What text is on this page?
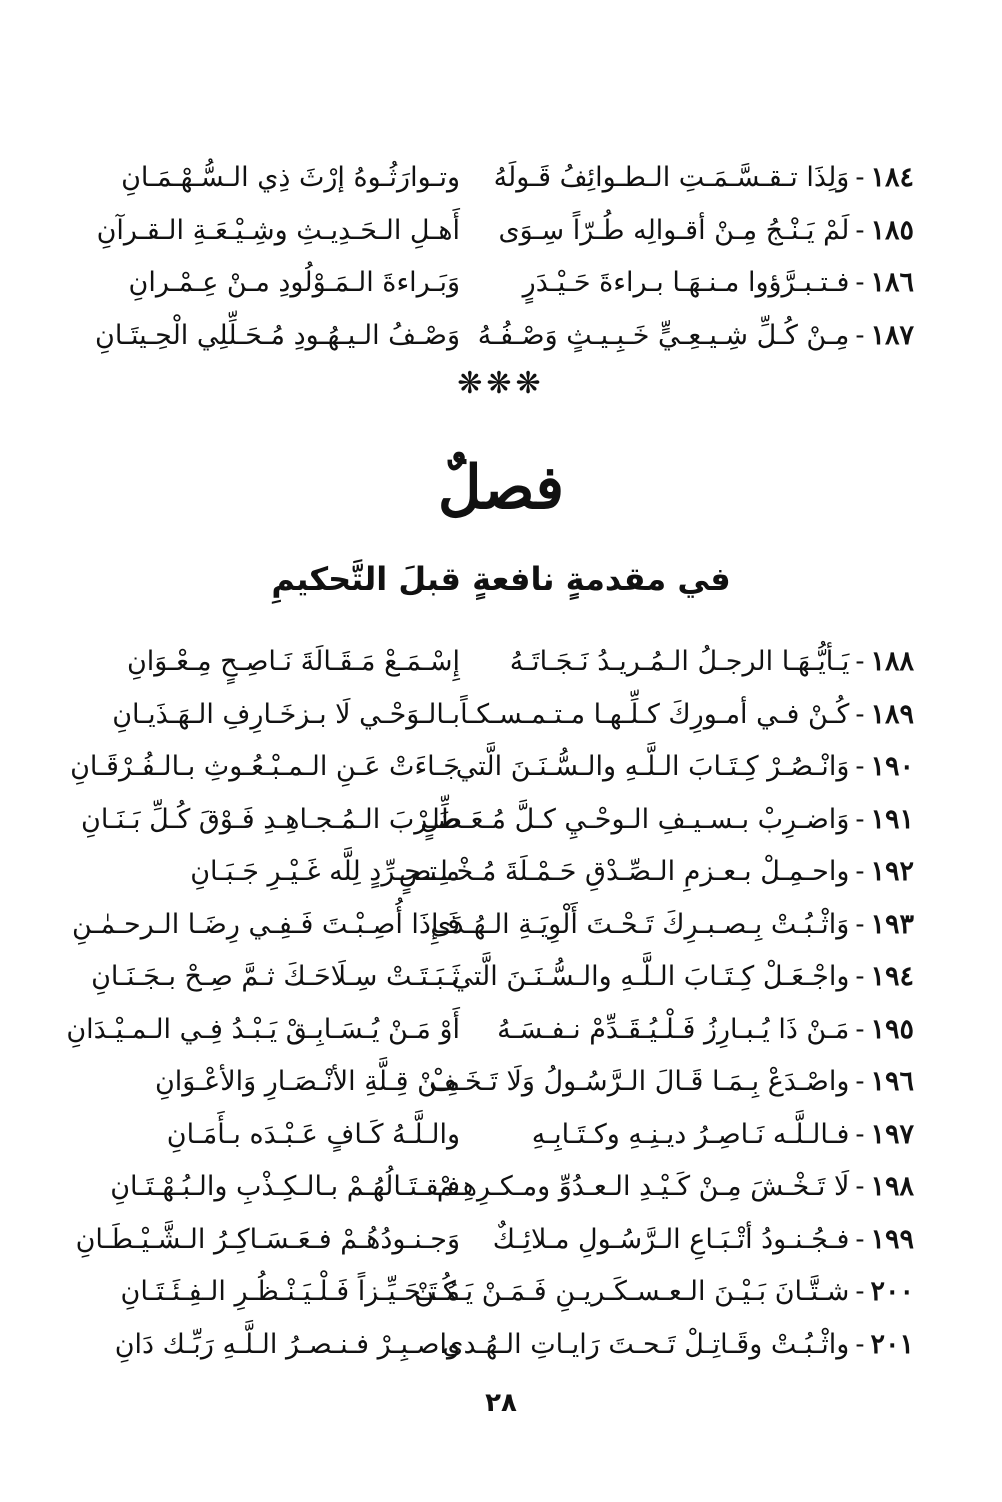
١٨٤
-
وَلِذَا تـقـسَّـمَـتِ الـطـوائِفُ قَـولَهُ
وتـوارَثُـوهُ إرْثَ ذِي الـسُّـهْـمَـانِ
١٨٥
-
لَمْ يَـنْـجُ مِـنْ أقـوالِه طُـرّاً سِـوَى
أَهـلِ الـحَـدِيـثِ وشِـيْـعَـةِ الـقـرآنِ
١٨٦
-
فـتـبـرَّؤوا مـنـهَـا بـراءةَ حَـيْـدَرٍ
وَبَـراءةَ الـمَـوْلُودِ مـنْ عِـمْـرانِ
١٨٧
-
مِـنْ كُـلِّ شِـيـعِـيٍّ خَـبِـيـثٍ وَصْـفُـهُ
وَصْـفُ الـيـهُـودِ مُـحَـلِّلِي الْحِـيتَـانِ
❋❋❋
فصلٌ
في مقدمةٍ نافعةٍ قبلَ التَّحكيمِ
١٨٨
-
يَـأيُّـهَـا الرجـلُ الـمُـريـدُ نَـجَـاتَـهُ
إِسْـمَـعْ مَـقَـالَةَ نَـاصِـحٍ مِـعْـوَانِ
١٨٩
-
كُـنْ فـي أمـورِكَ كـلِّـهـا مـتـمـسـكـاً
بـالـوَحْـي لَا بـزخَـارِفِ الـهَـذَيـانِ
١٩٠
-
وَانْـصُـرْ كِـتَـابَ الـلَّـهِ والـسُّـنَـنَ الَّتي
جَـاءَتْ عَـنِ الـمـبْـعُـوثِ بـالـفُـرْقَـانِ
١٩١
-
وَاضـرِبْ بـسـيـفِ الـوحْـيِ كـلَّ مُـعَـطِّلٍ
ضَـرْبَ الـمُـجـاهِـدِ فَـوْقَ كُـلِّ بَـنَـانِ
١٩٢
-
واحـمِـلْ بـعـزمِ الـصِّـدْقِ حَـمْـلَةَ مُـخْـلِـصٍ
مـتـجـرِّدٍ لِلَّه غَـيْـرِ جَـبَـانِ
١٩٣
-
وَاثْـبُـتْ بِـصـبـرِكَ تَـحْـتَ أَلْوِيَـةِ الـهُـدَى
فَـإِذَا أُصِـبْـتَ فَـفِـي رِضَـا الـرحـمٰـنِ
١٩٤
-
واجْـعَـلْ كِـتَـابَ الـلَّـهِ والـسُّـنَـنَ الَّتي
ثَـبَـتَـتْ سِـلَاحَـكَ ثـمَّ صِـحْ بـجَـنَـانِ
١٩٥
-
مَـنْ ذَا يُـبـارِزُ فَـلْـيُـقَـدِّمْ نـفـسَـهُ
أَوْ مَـنْ يُـسَـابِـقْ يَـبْـدُ فِـي الـمـيْـدَانِ
١٩٦
-
واصْـدَعْ بِـمَـا قَـالَ الـرَّسُـولُ وَلَا تَـخَـفْ
مِـنْ قِـلَّةِ الأنْـصَـارِ وَالأعْـوَانِ
١٩٧
-
فـالـلَّـه نَـاصِـرُ ديـنِـهِ وكـتَـابِـهِ
والـلَّـهُ كَـافٍ عَـبْـدَه بـأَمَـانِ
١٩٨
-
لَا تَـخْـشَ مِـنْ كَـيْـدِ الـعـدُوِّ ومـكـرِهِـمْ
فـقـتَـالُهُـمْ بـالـكِـذْبِ والـبُـهْـتَـانِ
١٩٩
-
فـجُـنـودُ أتْـبَـاعِ الـرَّسُـولِ مـلائِـكٌ
وَجـنـودُهُـمْ فـعَـسَـاكِـرُ الـشَّـيْـطَـانِ
٢٠٠
-
شـتَّـانَ بَـيْـنَ الـعـسـكَـريـنِ فَـمَـنْ يَـكُـنْ
مُـتَـحَـيِّـزاً فَـلْـيَـنْـظُـرِ الـفِـئَـتَـانِ
٢٠١
-
واثْـبُـتْ وقَـاتِـلْ تَـحـتَ رَايـاتِ الـهُـدى
واصـبِـرْ فـنـصـرُ الـلَّـهِ رَبِّـك دَانِ
٢٨
